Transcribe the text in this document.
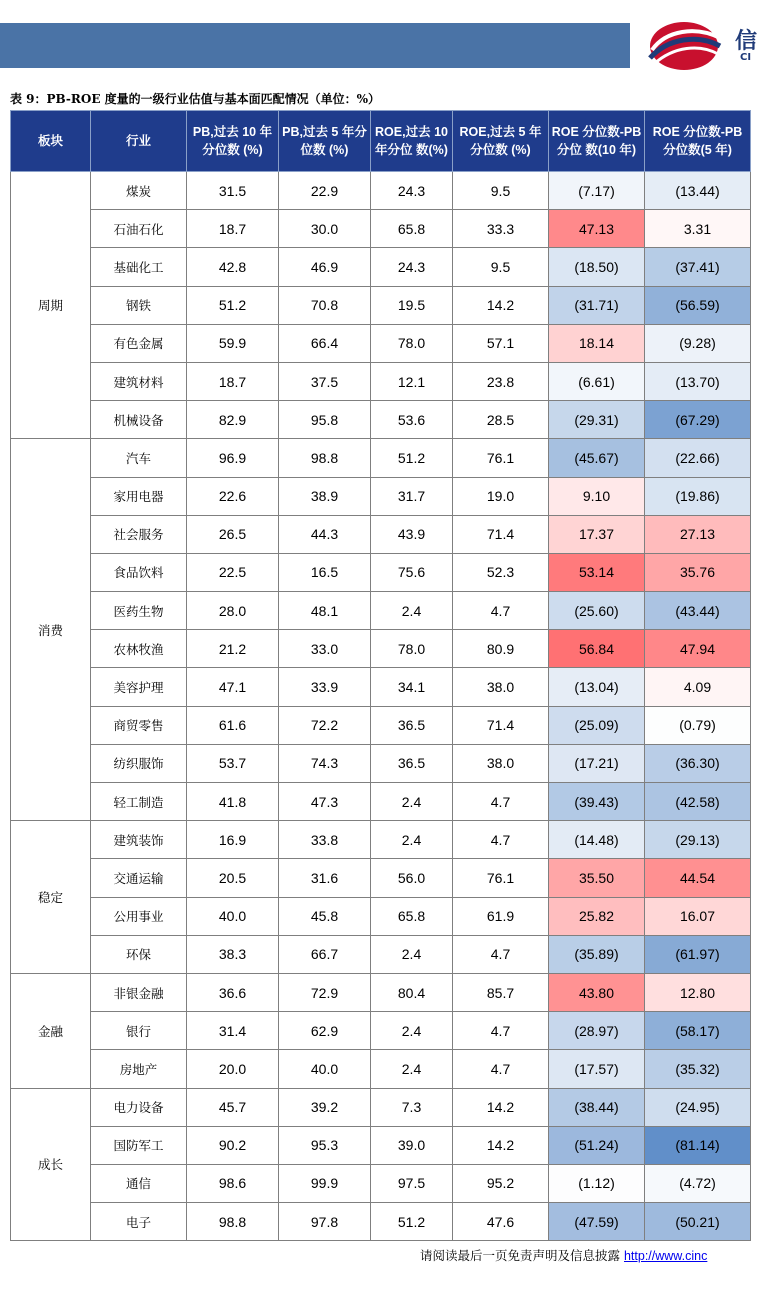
信
CI
表 9：PB-ROE 度量的一级行业估值与基本面匹配情况（单位：%）
板块	行业	PB,过去 10 年分位数 (%)	PB,过去 5 年分位数 (%)	ROE,过去 10 年分位 数(%)	ROE,过去 5 年分位数 (%)	ROE 分位数-PB 分位 数(10 年)	ROE 分位数-PB 分位数(5 年)
周期	煤炭	31.5	22.9	24.3	9.5	(7.17)	(13.44)
	石油石化	18.7	30.0	65.8	33.3	47.13	3.31
	基础化工	42.8	46.9	24.3	9.5	(18.50)	(37.41)
	钢铁	51.2	70.8	19.5	14.2	(31.71)	(56.59)
	有色金属	59.9	66.4	78.0	57.1	18.14	(9.28)
	建筑材料	18.7	37.5	12.1	23.8	(6.61)	(13.70)
	机械设备	82.9	95.8	53.6	28.5	(29.31)	(67.29)
消费	汽车	96.9	98.8	51.2	76.1	(45.67)	(22.66)
	家用电器	22.6	38.9	31.7	19.0	9.10	(19.86)
	社会服务	26.5	44.3	43.9	71.4	17.37	27.13
	食品饮料	22.5	16.5	75.6	52.3	53.14	35.76
	医药生物	28.0	48.1	2.4	4.7	(25.60)	(43.44)
	农林牧渔	21.2	33.0	78.0	80.9	56.84	47.94
	美容护理	47.1	33.9	34.1	38.0	(13.04)	4.09
	商贸零售	61.6	72.2	36.5	71.4	(25.09)	(0.79)
	纺织服饰	53.7	74.3	36.5	38.0	(17.21)	(36.30)
	轻工制造	41.8	47.3	2.4	4.7	(39.43)	(42.58)
稳定	建筑装饰	16.9	33.8	2.4	4.7	(14.48)	(29.13)
	交通运输	20.5	31.6	56.0	76.1	35.50	44.54
	公用事业	40.0	45.8	65.8	61.9	25.82	16.07
	环保	38.3	66.7	2.4	4.7	(35.89)	(61.97)
金融	非银金融	36.6	72.9	80.4	85.7	43.80	12.80
	银行	31.4	62.9	2.4	4.7	(28.97)	(58.17)
	房地产	20.0	40.0	2.4	4.7	(17.57)	(35.32)
成长	电力设备	45.7	39.2	7.3	14.2	(38.44)	(24.95)
	国防军工	90.2	95.3	39.0	14.2	(51.24)	(81.14)
	通信	98.6	99.9	97.5	95.2	(1.12)	(4.72)
	电子	98.8	97.8	51.2	47.6	(47.59)	(50.21)
请阅读最后一页免责声明及信息披露 http://www.cinc
